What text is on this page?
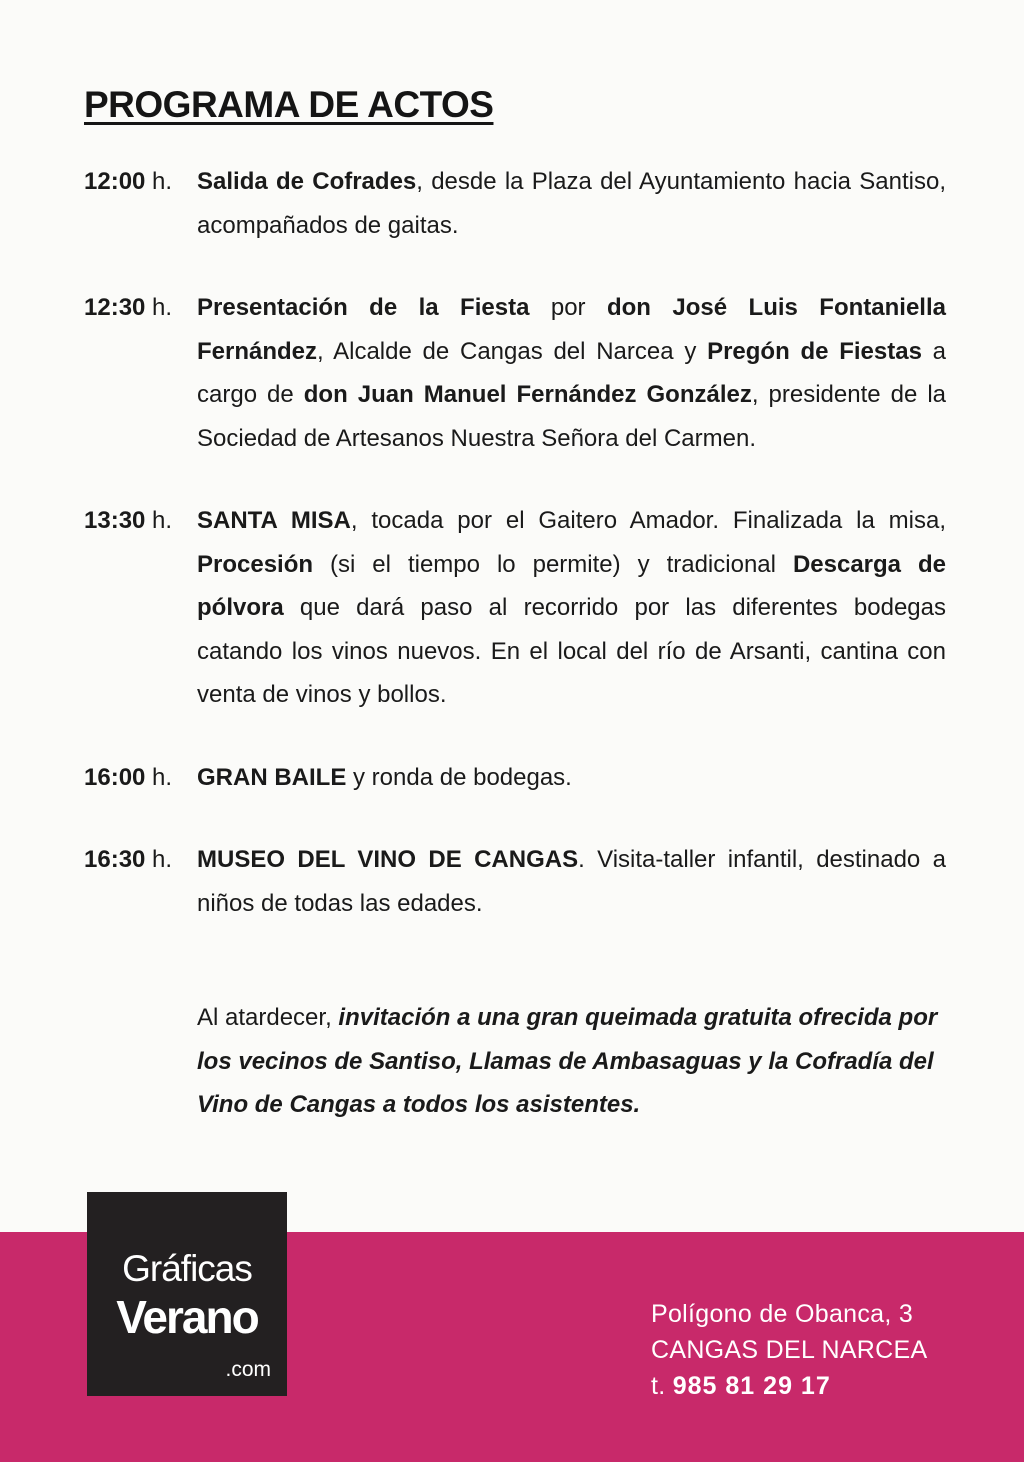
PROGRAMA DE ACTOS
12:00 h. Salida de Cofrades, desde la Plaza del Ayuntamiento hacia Santiso, acompañados de gaitas.
12:30 h. Presentación de la Fiesta por don José Luis Fontaniella Fernández, Alcalde de Cangas del Narcea y Pregón de Fiestas a cargo de don Juan Manuel Fernández González, presidente de la Sociedad de Artesanos Nuestra Señora del Carmen.
13:30 h. SANTA MISA, tocada por el Gaitero Amador. Finalizada la misa, Procesión (si el tiempo lo permite) y tradicional Descarga de pólvora que dará paso al recorrido por las diferentes bodegas catando los vinos nuevos. En el local del río de Arsanti, cantina con venta de vinos y bollos.
16:00 h. GRAN BAILE y ronda de bodegas.
16:30 h. MUSEO DEL VINO DE CANGAS. Visita-taller infantil, destinado a niños de todas las edades.
Al atardecer, invitación a una gran queimada gratuita ofrecida por los vecinos de Santiso, Llamas de Ambasaguas y la Cofradía del Vino de Cangas a todos los asistentes.
Gráficas
Verano
.com
Polígono de Obanca, 3
CANGAS DEL NARCEA
t. 985 81 29 17
